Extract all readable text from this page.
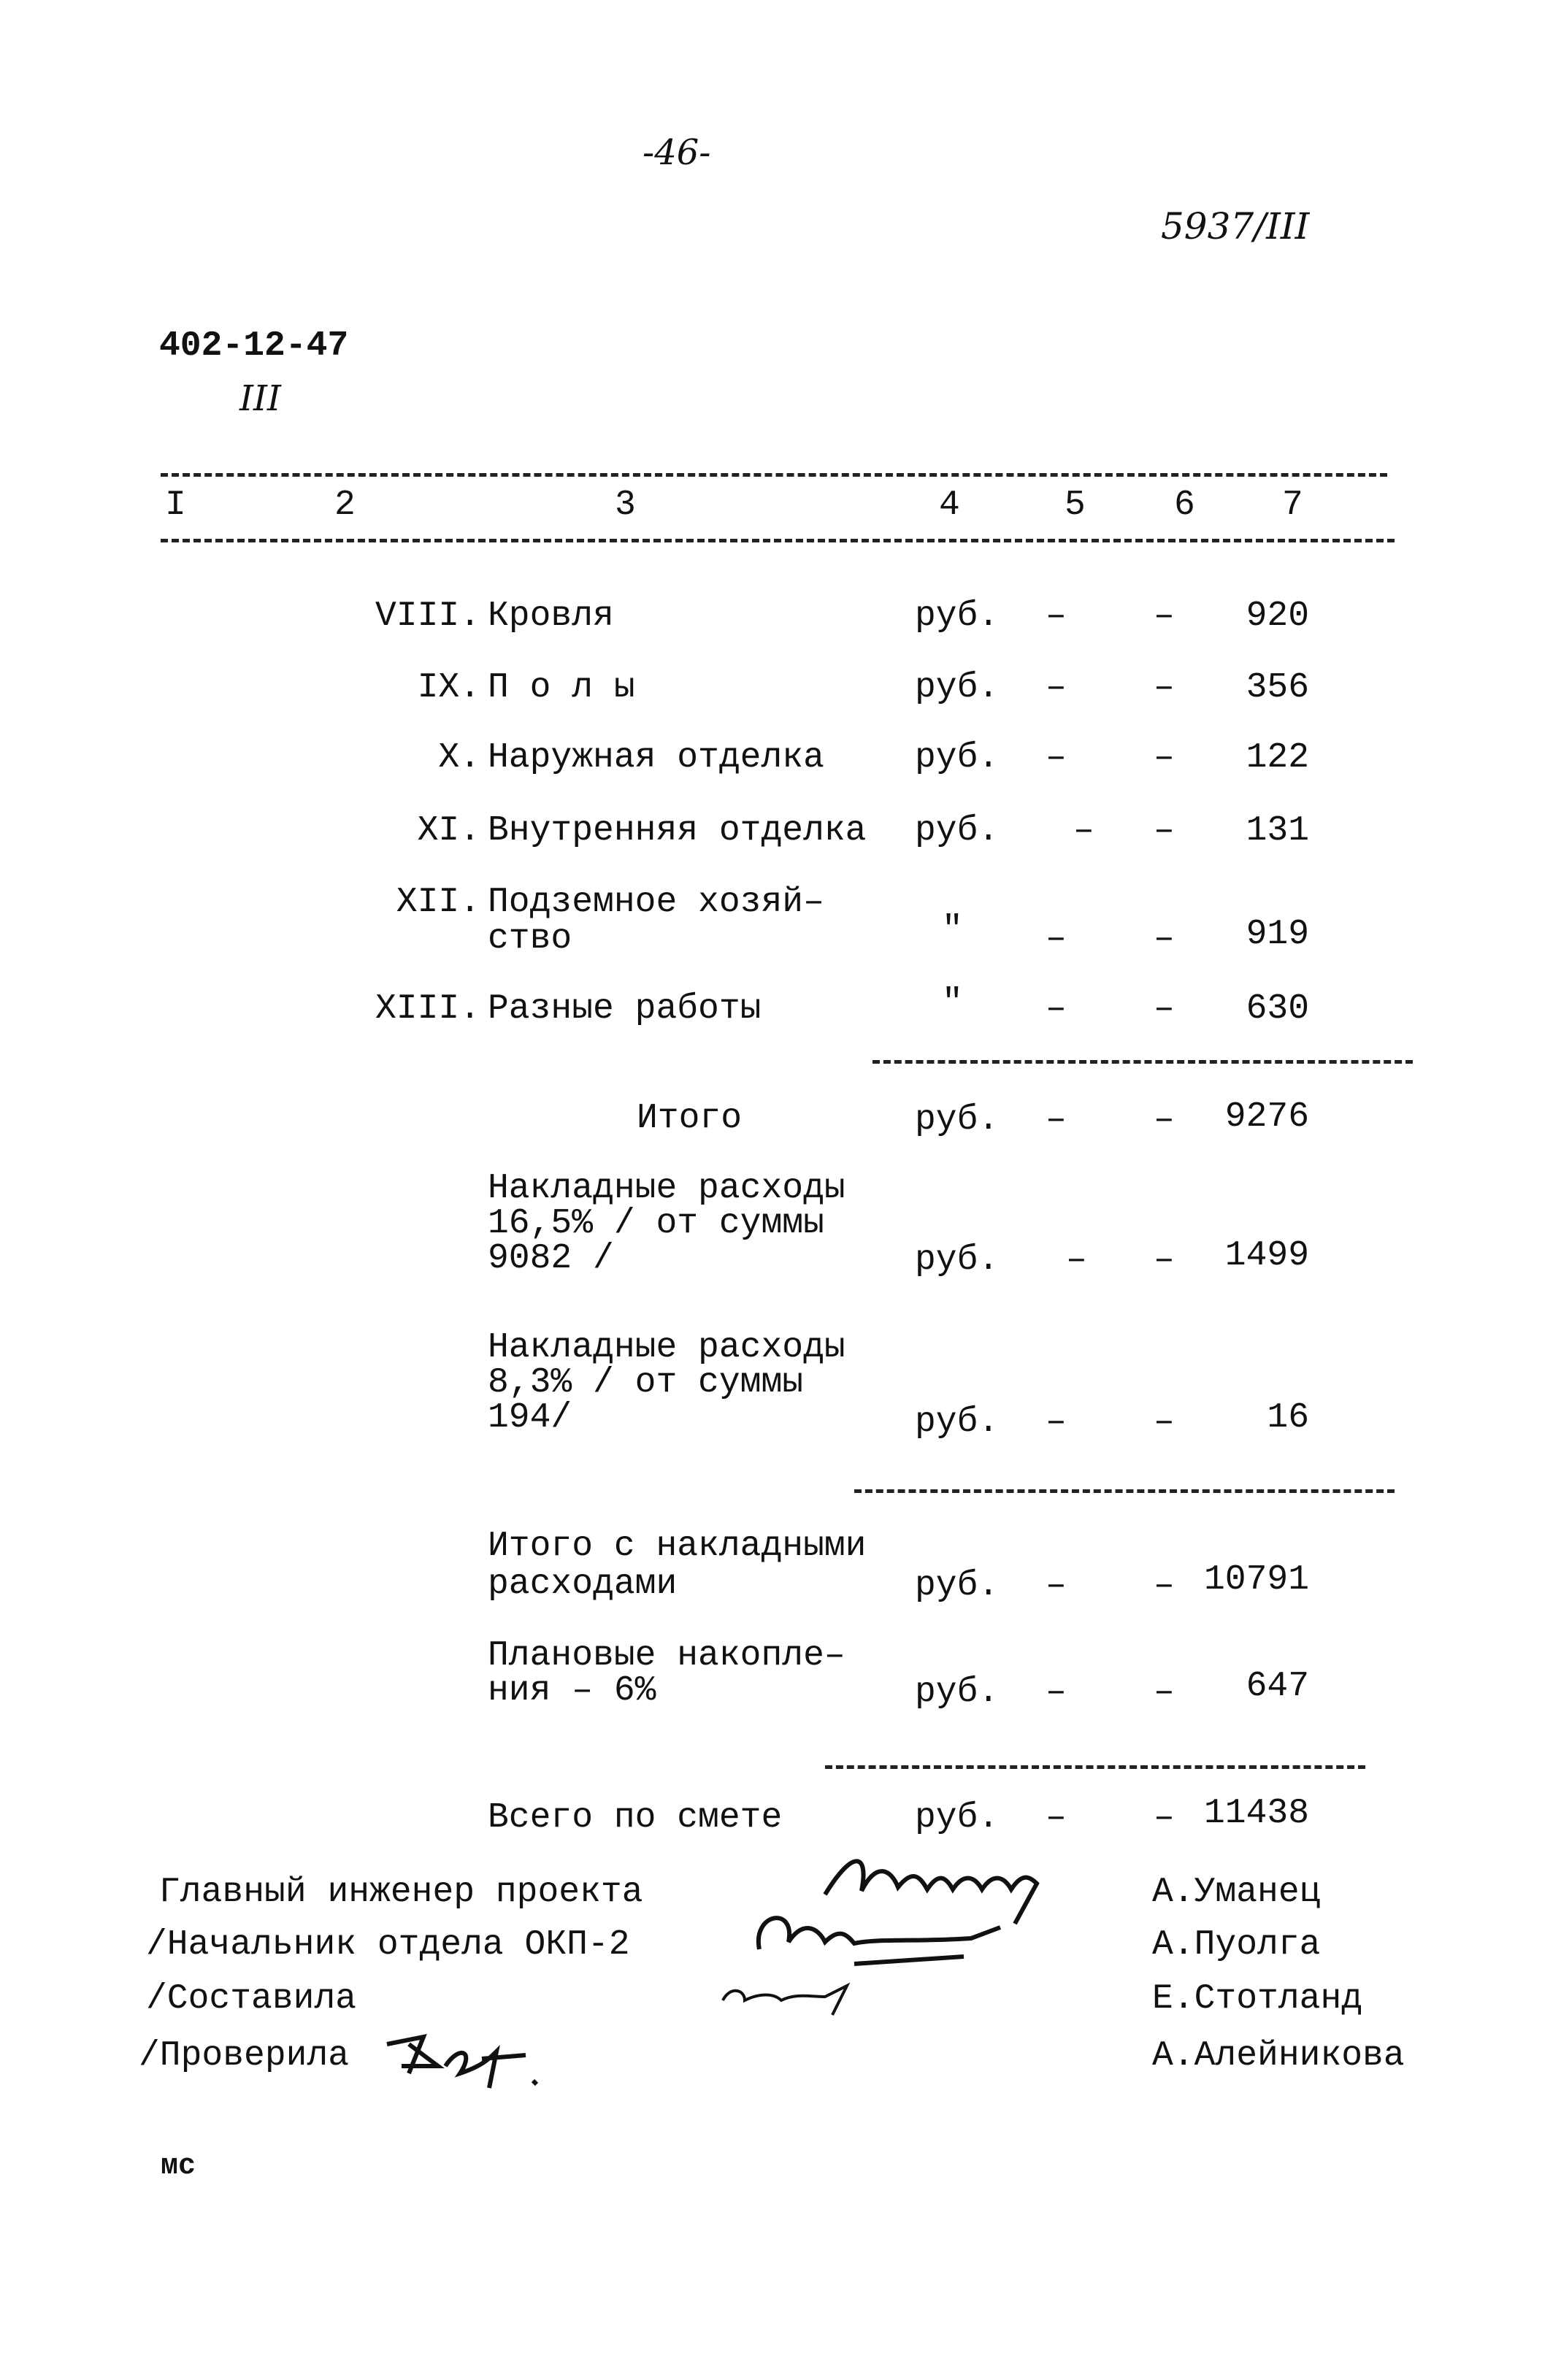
-46-
5937/III
402-12-47
III
I	2	3	4	5	6 7
VIII. Кровля	руб. – – 920
IX. П о л ы	руб. – – 356
X. Наружная отделка	руб. – – 122
XI. Внутренняя отделка руб. – – 131
XII. Подземное хозяй–
ство	" – – 919
XIII. Разные работы	" – – 630
Итого	руб. – – 9276
Накладные расходы
16,5% / от суммы
9082 /	руб. – – 1499
Накладные расходы
8,3% / от суммы
194/	руб. – –	16
Итого с накладными
расходами	руб. – – 10791
Плановые накопле–
ния – 6%	руб. – – 647
Всего по смете	руб. – – 11438
Главный инженер проекта	А.Уманец
/Начальник отдела ОКП-2	А.Пуолга
/Составила	Е.Стотланд
/Проверила	А.Алейникова
мс
